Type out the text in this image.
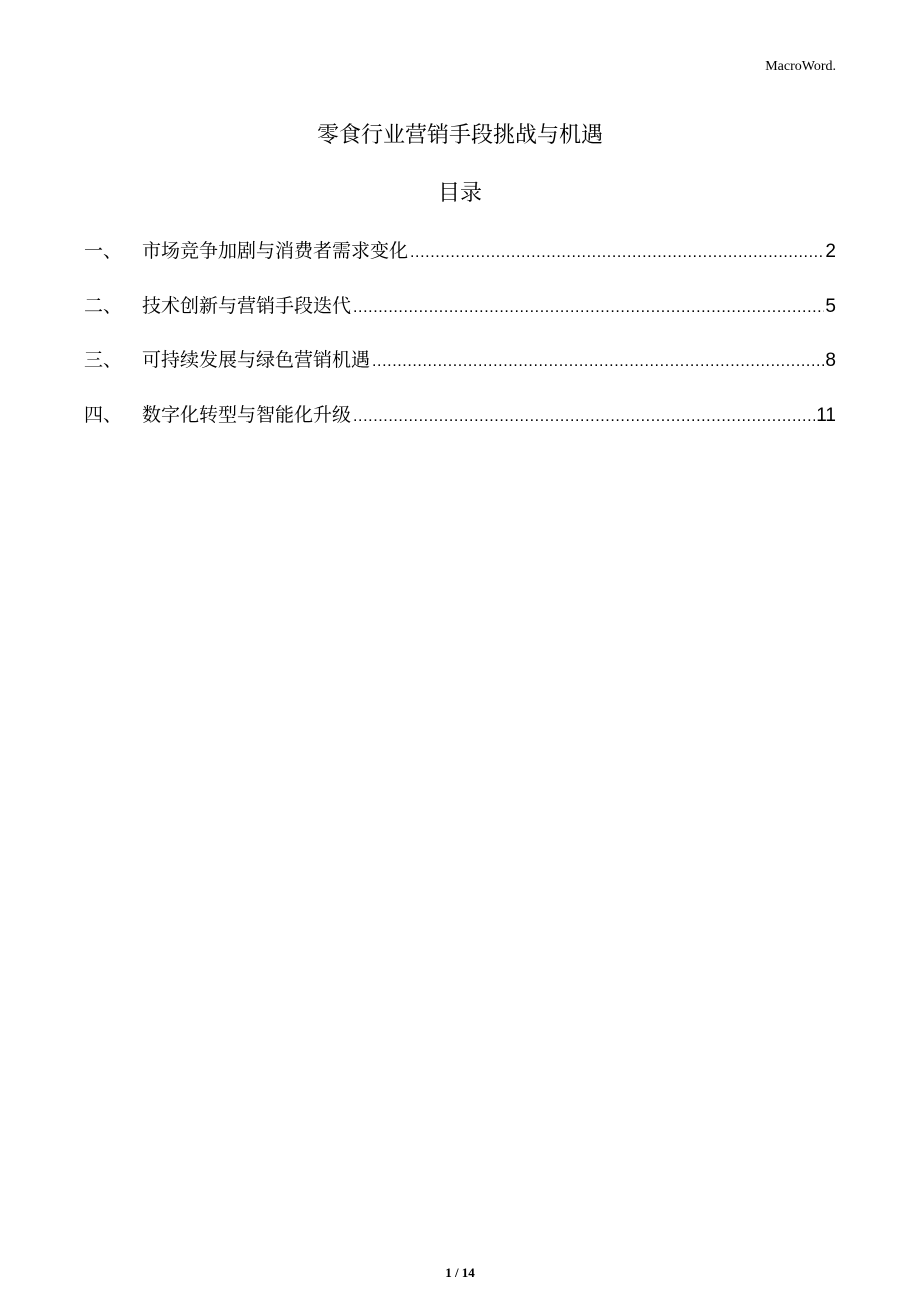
MacroWord.
零食行业营销手段挑战与机遇
目录
一、	市场竞争加剧与消费者需求变化 .....	2
二、	技术创新与营销手段迭代 .....	5
三、	可持续发展与绿色营销机遇 .....	8
四、	数字化转型与智能化升级 .....	11
1 / 14
